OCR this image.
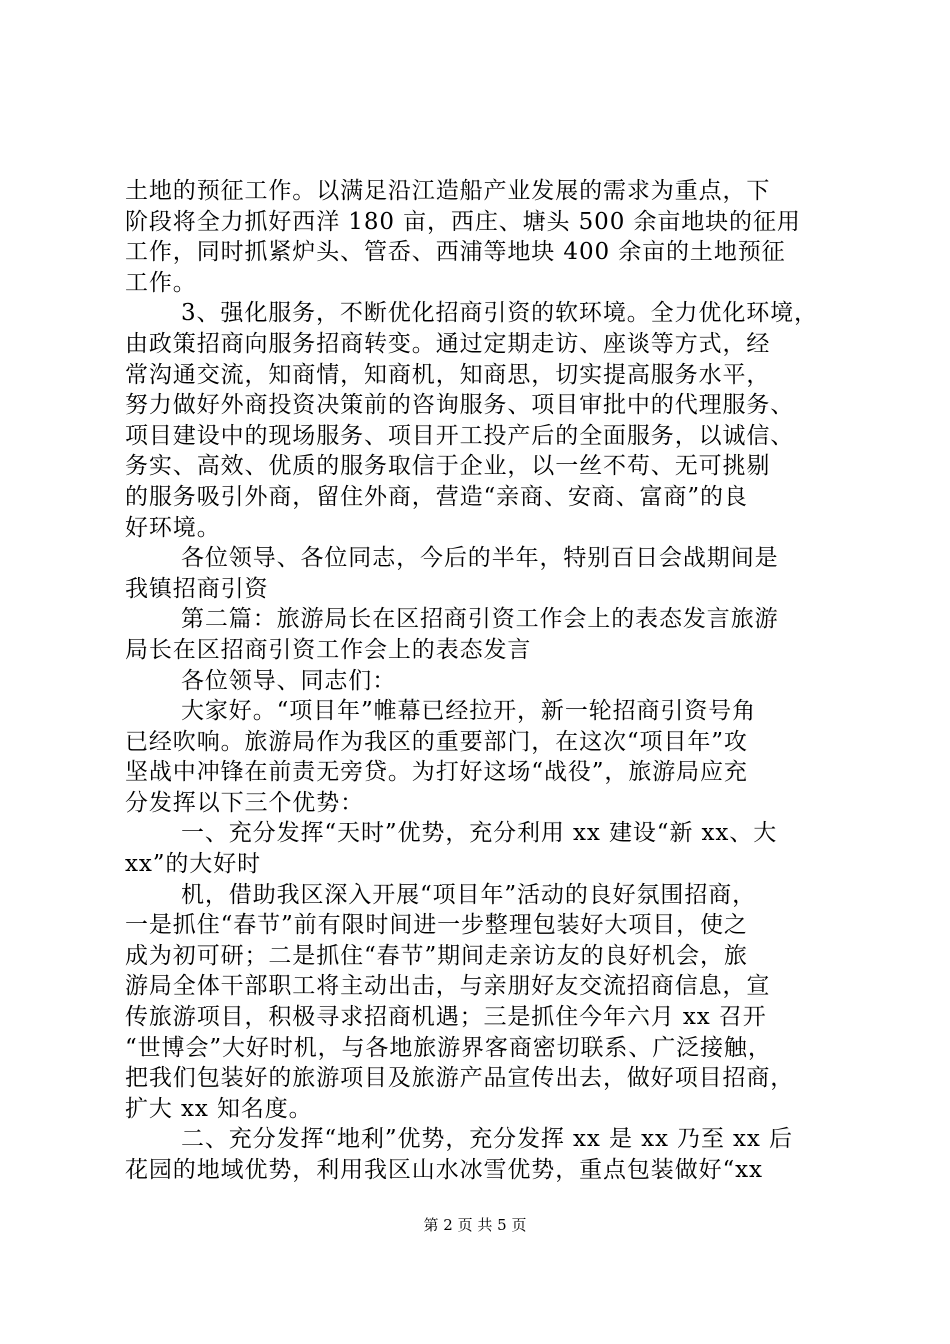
土地的预征工作。以满足沿江造船产业发展的需求为重点，下
阶段将全力抓好西洋 180 亩，西庄、塘头 500 余亩地块的征用
工作，同时抓紧炉头、管岙、西浦等地块 400 余亩的土地预征
工作。
3、强化服务，不断优化招商引资的软环境。全力优化环境，
由政策招商向服务招商转变。通过定期走访、座谈等方式，经
常沟通交流，知商情，知商机，知商思，切实提高服务水平，
努力做好外商投资决策前的咨询服务、项目审批中的代理服务、
项目建设中的现场服务、项目开工投产后的全面服务，以诚信、
务实、高效、优质的服务取信于企业，以一丝不苟、无可挑剔
的服务吸引外商，留住外商，营造“亲商、安商、富商”的良
好环境。
各位领导、各位同志，今后的半年，特别百日会战期间是
我镇招商引资
第二篇：旅游局长在区招商引资工作会上的表态发言旅游
局长在区招商引资工作会上的表态发言
各位领导、同志们：
大家好。“项目年”帷幕已经拉开，新一轮招商引资号角
已经吹响。旅游局作为我区的重要部门，在这次“项目年”攻
坚战中冲锋在前责无旁贷。为打好这场“战役”，旅游局应充
分发挥以下三个优势：
一、充分发挥“天时”优势，充分利用 xx 建设“新 xx、大
xx”的大好时
机，借助我区深入开展“项目年”活动的良好氛围招商，
一是抓住“春节”前有限时间进一步整理包装好大项目，使之
成为初可研；二是抓住“春节”期间走亲访友的良好机会，旅
游局全体干部职工将主动出击，与亲朋好友交流招商信息，宣
传旅游项目，积极寻求招商机遇；三是抓住今年六月 xx 召开
“世博会”大好时机，与各地旅游界客商密切联系、广泛接触，
把我们包装好的旅游项目及旅游产品宣传出去，做好项目招商，
扩大 xx 知名度。
二、充分发挥“地利”优势，充分发挥 xx 是 xx 乃至 xx 后
花园的地域优势，利用我区山水冰雪优势，重点包装做好“xx
第 2 页 共 5 页
